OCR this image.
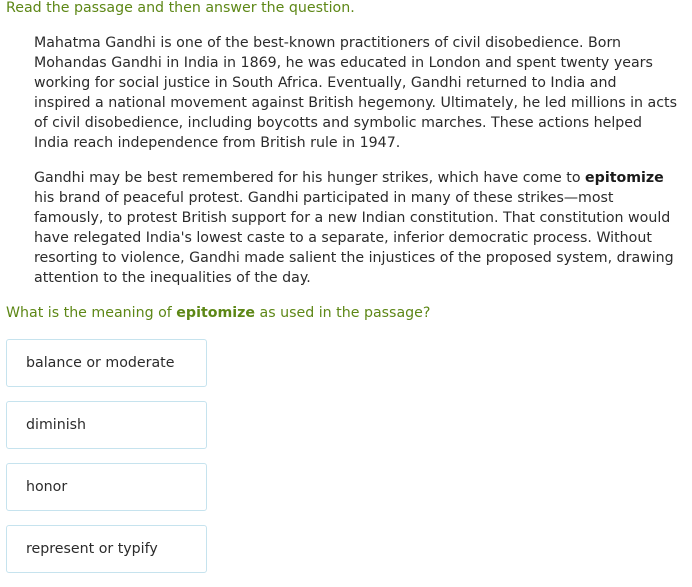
Read the passage and then answer the question.

Mahatma Gandhi is one of the best-known practitioners of civil disobedience. Born
Mohandas Gandhi in India in 1869, he was educated in London and spent twenty years
working for social justice in South Africa. Eventually, Gandhi returned to India and
inspired a national movement against British hegemony. Ultimately, he led millions in acts
of civil disobedience, including boycotts and symbolic marches. These actions helped
India reach independence from British rule in 1947.

Gandhi may be best remembered for his hunger strikes, which have come to epitomize
his brand of peaceful protest. Gandhi participated in many of these strikes—most
famously, to protest British support for a new Indian constitution. That constitution would
have relegated India's lowest caste to a separate, inferior democratic process. Without
resorting to violence, Gandhi made salient the injustices of the proposed system, drawing
attention to the inequalities of the day.

What is the meaning of epitomize as used in the passage?
balance or moderate
diminish
honor
represent or typify
